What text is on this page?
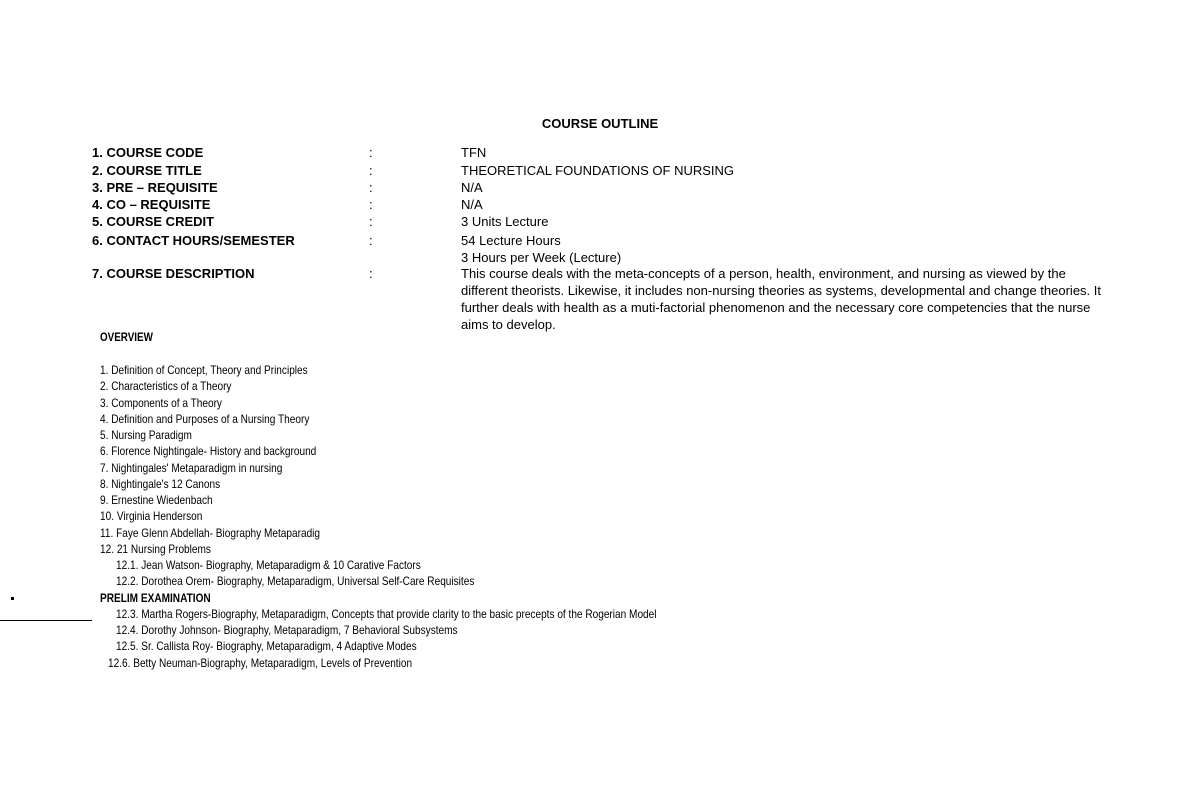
COURSE OUTLINE
1. COURSE CODE	:	TFN
2. COURSE TITLE	:	THEORETICAL FOUNDATIONS OF NURSING
3. PRE – REQUISITE	:	N/A
4. CO – REQUISITE	:	N/A
5. COURSE CREDIT	:	3 Units Lecture
6. CONTACT HOURS/SEMESTER	:	54 Lecture Hours
3 Hours per Week (Lecture)
7. COURSE DESCRIPTION	:	This course deals with the meta-concepts of a person, health, environment, and nursing as viewed by the different theorists. Likewise, it includes non-nursing theories as systems, developmental and change theories. It further deals with health as a muti-factorial phenomenon and the necessary core competencies that the nurse aims to develop.
OVERVIEW
1. Definition of Concept, Theory and Principles
2. Characteristics of a Theory
3. Components of a Theory
4. Definition and Purposes of a Nursing Theory
5. Nursing Paradigm
6. Florence Nightingale- History and background
7. Nightingales' Metaparadigm in nursing
8. Nightingale's 12 Canons
9. Ernestine Wiedenbach
10. Virginia Henderson
11. Faye Glenn Abdellah- Biography Metaparadig
12. 21 Nursing Problems
12.1. Jean Watson- Biography, Metaparadigm & 10 Carative Factors
12.2. Dorothea Orem- Biography, Metaparadigm, Universal Self-Care Requisites
PRELIM EXAMINATION
12.3. Martha Rogers-Biography, Metaparadigm, Concepts that provide clarity to the basic precepts of the Rogerian Model
12.4. Dorothy Johnson- Biography, Metaparadigm, 7 Behavioral Subsystems
12.5. Sr. Callista Roy- Biography, Metaparadigm, 4 Adaptive Modes
12.6. Betty Neuman-Biography, Metaparadigm, Levels of Prevention
